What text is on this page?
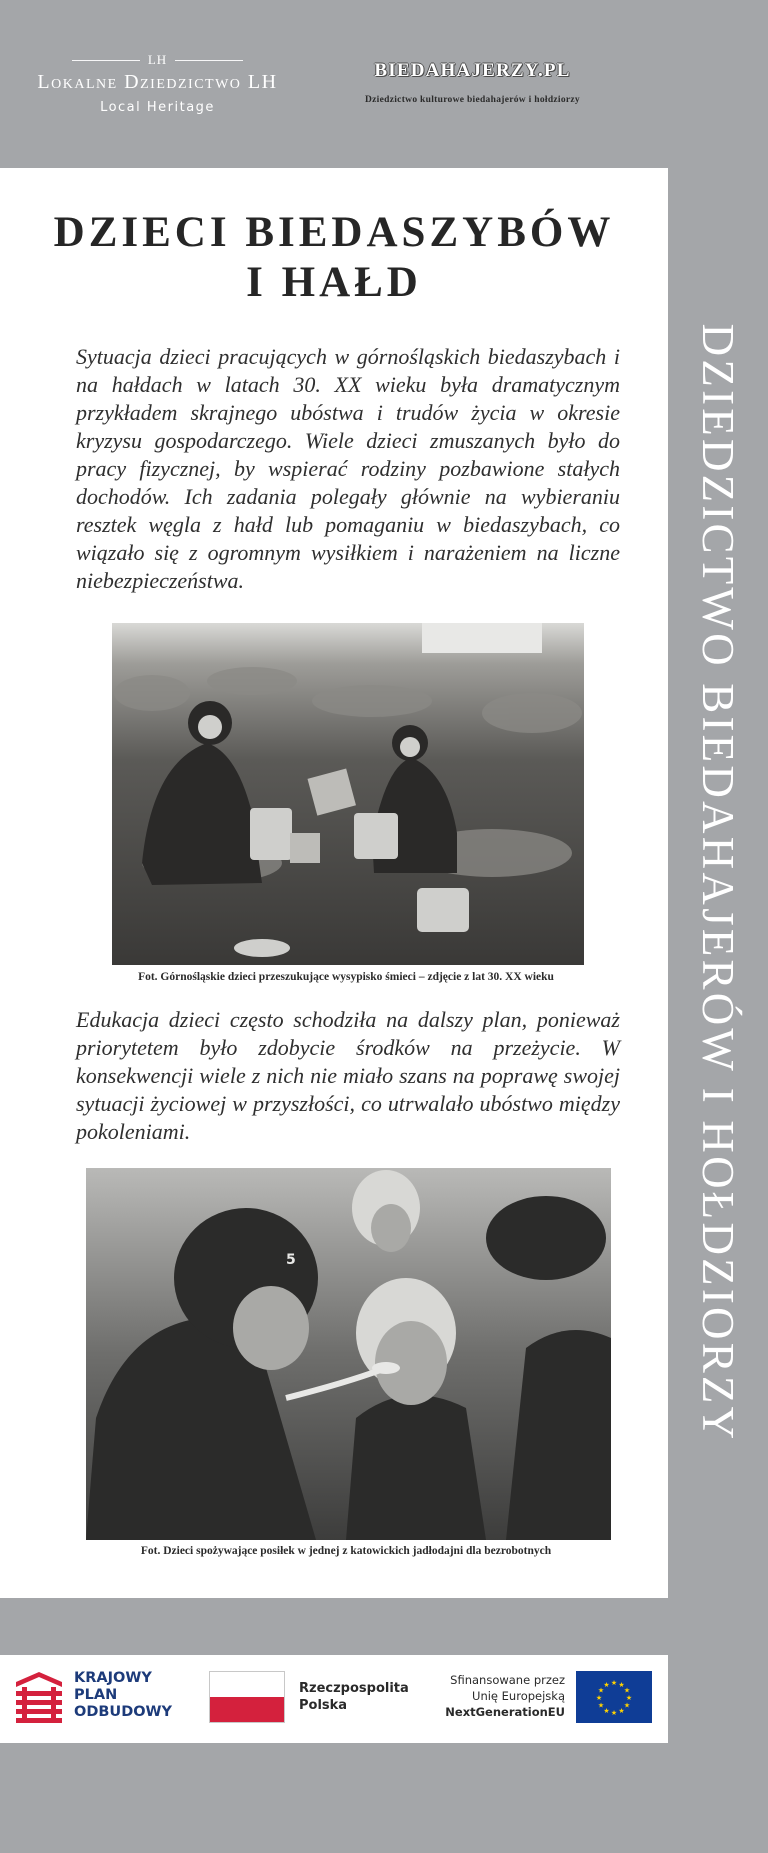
LH
Lokalne Dziedzictwo LH
Local Heritage
BIEDAHAJERZY.PL
Dziedzictwo kulturowe biedahajerów i hołdziorzy
DZIECI BIEDASZYBÓW
I HAŁD

Sytuacja dzieci pracujących w górnośląskich biedaszybach i na hałdach w latach 30. XX wieku była dramatycznym przykładem skrajnego ubóstwa i trudów życia w okresie kryzysu gospodarczego. Wiele dzieci zmuszanych było do pracy fizycznej, by wspierać rodziny pozbawione stałych dochodów. Ich zadania polegały głównie na wybieraniu resztek węgla z hałd lub pomaganiu w biedaszybach, co wiązało się z ogromnym wysiłkiem i narażeniem na liczne niebezpieczeństwa.

Fot. Górnośląskie dzieci przeszukujące wysypisko śmieci – zdjęcie z lat 30. XX wieku

Edukacja dzieci często schodziła na dalszy plan, ponieważ priorytetem było zdobycie środków na przeżycie. W konsekwencji wiele z nich nie miało szans na poprawę swojej sytuacji życiowej w przyszłości, co utrwalało ubóstwo między pokoleniami.

5
Fot. Dzieci spożywające posiłek w jednej z katowickich jadłodajni dla bezrobotnych
DZIEDZICTWO BIEDAHAJERÓW I HOŁDZIORZY
KRAJOWY
PLAN
ODBUDOWY
Rzeczpospolita
Polska
Sfinansowane przez
Unię Europejską
NextGenerationEU
★ ★
★
★
★
★
★
★
★
★
★
★
